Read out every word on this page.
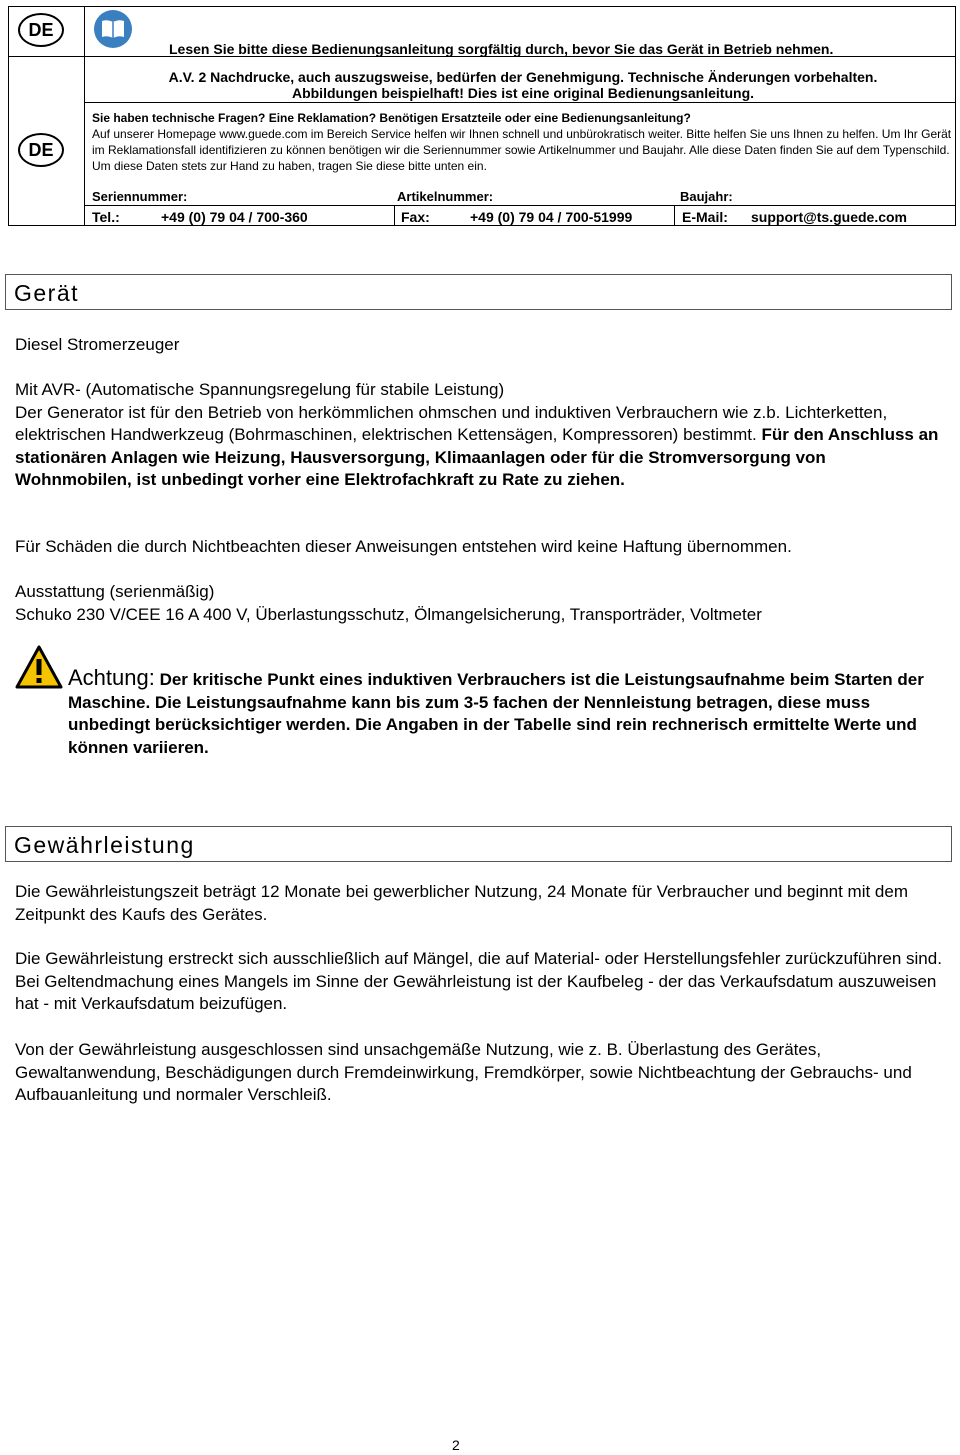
DE
DE
Lesen Sie bitte diese Bedienungsanleitung sorgfältig durch, bevor Sie das Gerät in Betrieb nehmen.
A.V. 2 Nachdrucke, auch auszugsweise, bedürfen der Genehmigung. Technische Änderungen vorbehalten.
Abbildungen beispielhaft! Dies ist eine original Bedienungsanleitung.
Sie haben technische Fragen? Eine Reklamation? Benötigen Ersatzteile oder eine Bedienungsanleitung?
Auf unserer Homepage www.guede.com im Bereich Service helfen wir Ihnen schnell und unbürokratisch weiter. Bitte helfen Sie uns Ihnen zu helfen. Um Ihr Gerät im Reklamationsfall identifizieren zu können benötigen wir die Seriennummer sowie Artikelnummer und Baujahr. Alle diese Daten finden Sie auf dem Typenschild. Um diese Daten stets zur Hand zu haben, tragen Sie diese bitte unten ein.
Seriennummer:	Artikelnummer:	Baujahr:
Tel.:	+49 (0) 79 04 / 700-360	Fax:	+49 (0) 79 04 / 700-51999	E-Mail: support@ts.guede.com
Gerät
Diesel Stromerzeuger
Mit AVR- (Automatische Spannungsregelung für stabile Leistung)
Der Generator ist für den Betrieb von herkömmlichen ohmschen und induktiven Verbrauchern wie z.b. Lichterketten, elektrischen Handwerkzeug (Bohrmaschinen, elektrischen Kettensägen, Kompressoren) bestimmt. Für den Anschluss an stationären Anlagen wie Heizung, Hausversorgung, Klimaanlagen oder für die Stromversorgung von Wohnmobilen, ist unbedingt vorher eine Elektrofachkraft zu Rate zu ziehen.
Für Schäden die durch Nichtbeachten dieser Anweisungen entstehen wird keine Haftung übernommen.
Ausstattung (serienmäßig)
Schuko 230 V/CEE 16 A 400 V, Überlastungsschutz, Ölmangelsicherung, Transporträder, Voltmeter
Achtung: Der kritische Punkt eines induktiven Verbrauchers ist die Leistungsaufnahme beim Starten der Maschine. Die Leistungsaufnahme kann bis zum 3-5 fachen der Nennleistung betragen, diese muss unbedingt berücksichtiger werden. Die Angaben in der Tabelle sind rein rechnerisch ermittelte Werte und können variieren.
Gewährleistung
Die Gewährleistungszeit beträgt 12 Monate bei gewerblicher Nutzung, 24 Monate für Verbraucher und beginnt mit dem Zeitpunkt des Kaufs des Gerätes.
Die Gewährleistung erstreckt sich ausschließlich auf Mängel, die auf Material- oder Herstellungsfehler zurückzuführen sind. Bei Geltendmachung eines Mangels im Sinne der Gewährleistung ist der Kaufbeleg - der das Verkaufsdatum auszuweisen hat - mit Verkaufsdatum beizufügen.
Von der Gewährleistung ausgeschlossen sind unsachgemäße Nutzung, wie z. B. Überlastung des Gerätes, Gewaltanwendung, Beschädigungen durch Fremdeinwirkung, Fremdkörper, sowie Nichtbeachtung der Gebrauchs- und Aufbauanleitung und normaler Verschleiß.
2
